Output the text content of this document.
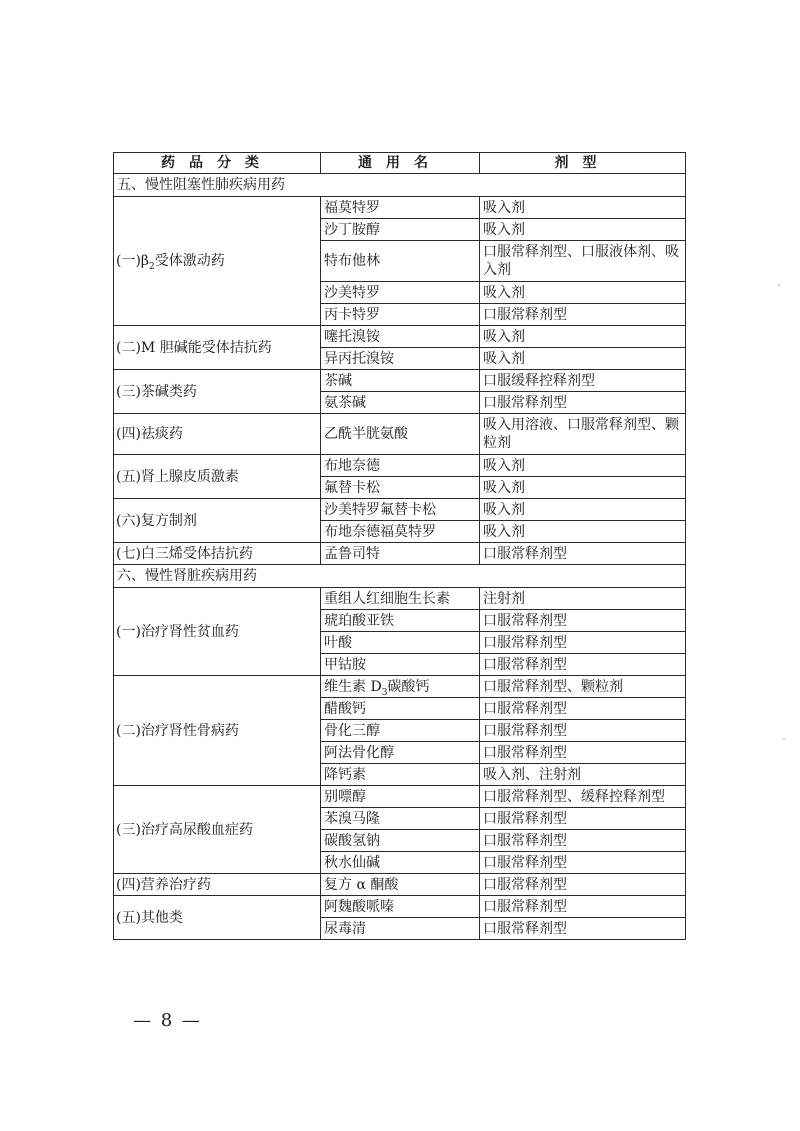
药品分类	通用名	剂型
五、慢性阻塞性肺疾病用药		
(一)$\beta_2$受体激动药	福莫特罗	吸入剂
	沙丁胺醇	吸入剂
	特布他林	口服常释剂型、口服液体剂、吸入剂
	沙美特罗	吸入剂
	丙卡特罗	口服常释剂型
(二)M 胆碱能受体拮抗药	噻托溴铵	吸入剂
	异丙托溴铵	吸入剂
(三)茶碱类药	茶碱	口服缓释控释剂型
	氨茶碱	口服常释剂型
(四)祛痰药	乙酰半胱氨酸	吸入用溶液、口服常释剂型、颗粒剂
(五)肾上腺皮质激素	布地奈德	吸入剂
	氟替卡松	吸入剂
(六)复方制剂	沙美特罗氟替卡松	吸入剂
	布地奈德福莫特罗	吸入剂
(七)白三烯受体拮抗药	孟鲁司特	口服常释剂型
六、慢性肾脏疾病用药		
(一)治疗肾性贫血药	重组人红细胞生长素	注射剂
	琥珀酸亚铁	口服常释剂型
	叶酸	口服常释剂型
	甲钴胺	口服常释剂型
(二)治疗肾性骨病药	维生素 $D_3$碳酸钙	口服常释剂型、颗粒剂
	醋酸钙	口服常释剂型
	骨化三醇	口服常释剂型
	阿法骨化醇	口服常释剂型
	降钙素	吸入剂、注射剂
(三)治疗高尿酸血症药	别嘌醇	口服常释剂型、缓释控释剂型
	苯溴马隆	口服常释剂型
	碳酸氢钠	口服常释剂型
	秋水仙碱	口服常释剂型
(四)营养治疗药	复方 α 酮酸	口服常释剂型
(五)其他类	阿魏酸哌嗪	口服常释剂型
	尿毒清	口服常释剂型
— 8 —
